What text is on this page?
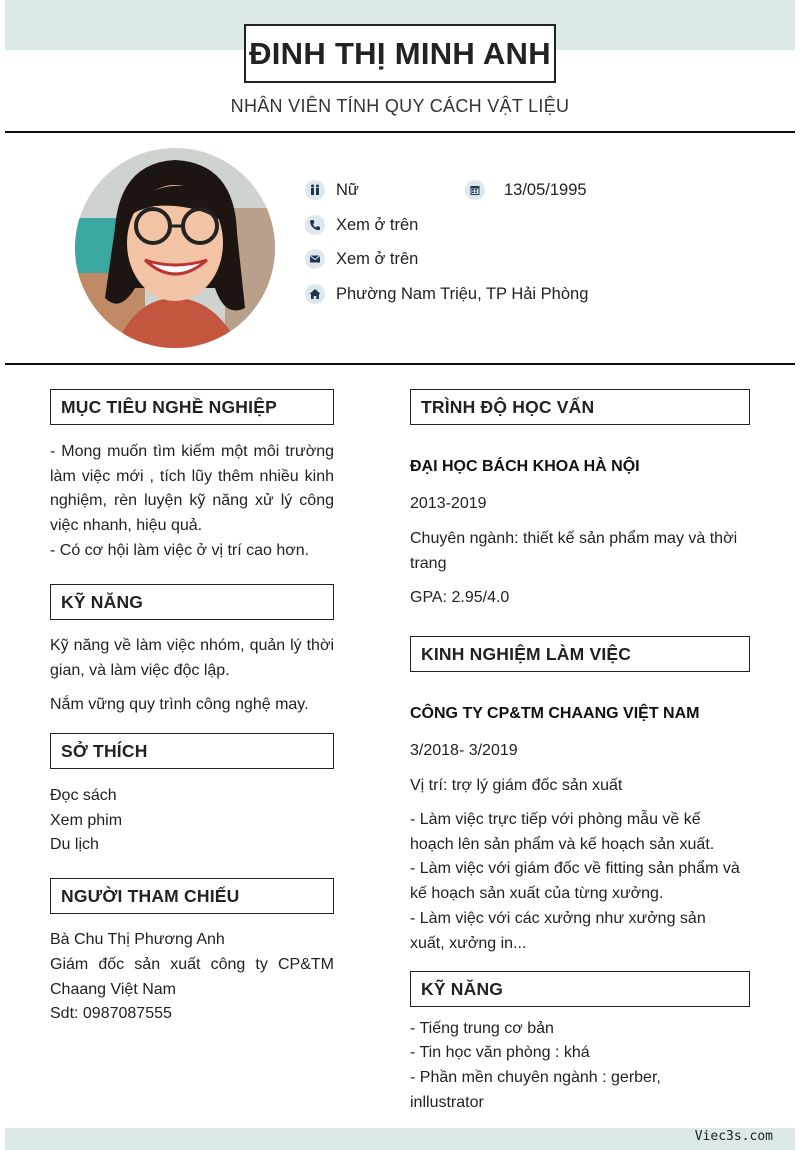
ĐINH THỊ MINH ANH
NHÂN VIÊN TÍNH QUY CÁCH VẬT LIỆU
Nữ	13/05/1995
Xem ở trên
Xem ở trên
Phường Nam Triệu, TP Hải Phòng
MỤC TIÊU NGHỀ NGHIỆP
- Mong muốn tìm kiếm một môi trường làm việc mới , tích lũy thêm nhiều kinh nghiệm, rèn luyện kỹ năng xử lý công việc nhanh, hiệu quả.
- Có cơ hội làm việc ở vị trí cao hơn.
KỸ NĂNG
Kỹ năng về làm việc nhóm, quản lý thời gian, và làm việc độc lập.
Nắm vững quy trình công nghệ may.
SỞ THÍCH
Đọc sách
Xem phim
Du lịch
NGƯỜI THAM CHIẾU
Bà Chu Thị Phương Anh
Giám đốc sản xuất công ty CP&TM Chaang Việt Nam
Sdt: 0987087555
TRÌNH ĐỘ HỌC VẤN
ĐẠI HỌC BÁCH KHOA HÀ NỘI
2013-2019
Chuyên ngành: thiết kế sản phẩm may và thời trang
GPA: 2.95/4.0
KINH NGHIỆM LÀM VIỆC
CÔNG TY CP&TM CHAANG VIỆT NAM
3/2018- 3/2019
Vị trí: trợ lý giám đốc sản xuất
- Làm việc trực tiếp với phòng mẫu về kế hoạch lên sản phẩm và kế hoạch sản xuất.
- Làm việc với giám đốc về fitting sản phẩm và kế hoạch sản xuất của từng xưởng.
- Làm việc với các xưởng như xưởng sản xuất, xưởng in...
KỸ NĂNG
- Tiếng trung cơ bản
- Tin học văn phòng : khá
- Phần mền chuyên ngành : gerber, inllustrator
Viec3s.com
